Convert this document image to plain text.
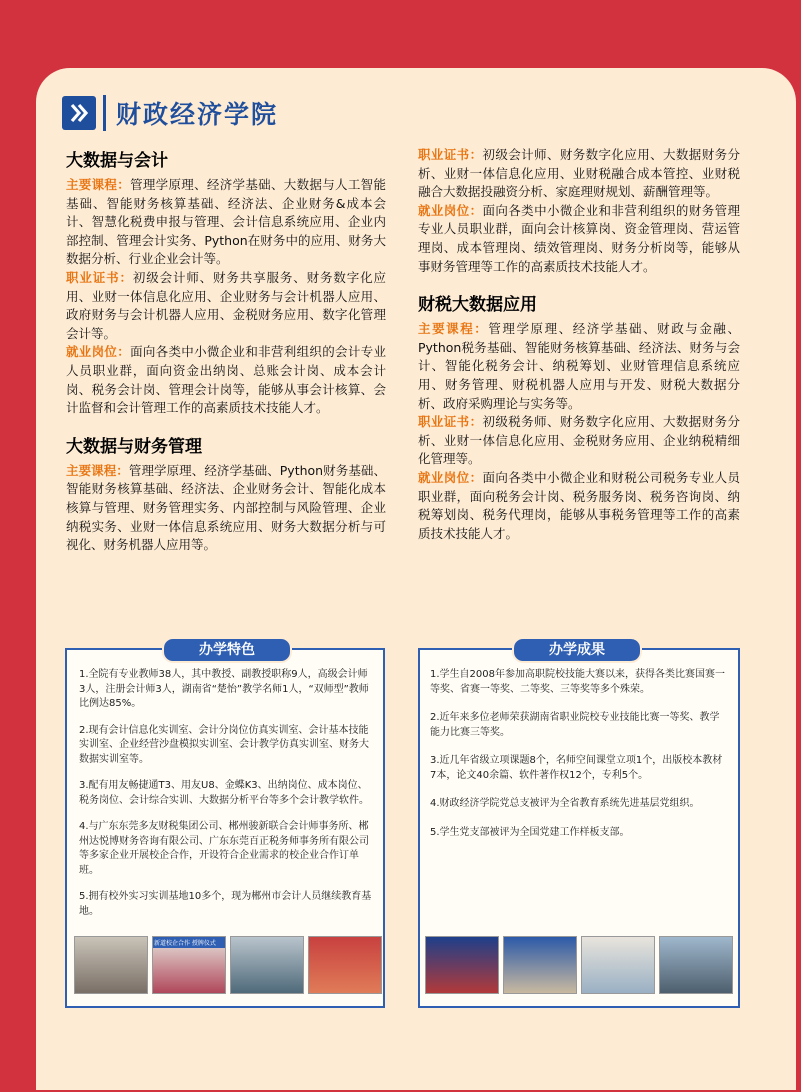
财政经济学院
大数据与会计

主要课程：管理学原理、经济学基础、大数据与人工智能基础、智能财务核算基础、经济法、企业财务&成本会计、智慧化税费申报与管理、会计信息系统应用、企业内部控制、管理会计实务、Python在财务中的应用、财务大数据分析、行业企业会计等。

职业证书：初级会计师、财务共享服务、财务数字化应用、业财一体信息化应用、企业财务与会计机器人应用、政府财务与会计机器人应用、金税财务应用、数字化管理会计等。

就业岗位：面向各类中小微企业和非营利组织的会计专业人员职业群，面向资金出纳岗、总账会计岗、成本会计岗、税务会计岗、管理会计岗等，能够从事会计核算、会计监督和会计管理工作的高素质技术技能人才。

大数据与财务管理

主要课程：管理学原理、经济学基础、Python财务基础、智能财务核算基础、经济法、企业财务会计、智能化成本核算与管理、财务管理实务、内部控制与风险管理、企业纳税实务、业财一体信息系统应用、财务大数据分析与可视化、财务机器人应用等。

职业证书：初级会计师、财务数字化应用、大数据财务分析、业财一体信息化应用、业财税融合成本管控、业财税融合大数据投融资分析、家庭理财规划、薪酬管理等。

就业岗位：面向各类中小微企业和非营利组织的财务管理专业人员职业群，面向会计核算岗、资金管理岗、营运管理岗、成本管理岗、绩效管理岗、财务分析岗等，能够从事财务管理等工作的高素质技术技能人才。

财税大数据应用

主要课程：管理学原理、经济学基础、财政与金融、Python税务基础、智能财务核算基础、经济法、财务与会计、智能化税务会计、纳税筹划、业财管理信息系统应用、财务管理、财税机器人应用与开发、财税大数据分析、政府采购理论与实务等。

职业证书：初级税务师、财务数字化应用、大数据财务分析、业财一体信息化应用、金税财务应用、企业纳税精细化管理等。

就业岗位：面向各类中小微企业和财税公司税务专业人员职业群，面向税务会计岗、税务服务岗、税务咨询岗、纳税筹划岗、税务代理岗，能够从事税务管理等工作的高素质技术技能人才。

1.全院有专业教师38人，其中教授、副教授职称9人，高级会计师3人，注册会计师3人，湖南省“楚怡”教学名师1人，“双师型”教师比例达85%。

2.现有会计信息化实训室、会计分岗位仿真实训室、会计基本技能实训室、企业经营沙盘模拟实训室、会计教学仿真实训室、财务大数据实训室等。

3.配有用友畅捷通T3、用友U8、金蝶K3、出纳岗位、成本岗位、税务岗位、会计综合实训、大数据分析平台等多个会计教学软件。

4.与广东东莞多友财税集团公司、郴州骏新联合会计师事务所、郴州达悦博财务咨询有限公司、广东东莞百正税务师事务所有限公司等多家企业开展校企合作，开设符合企业需求的校企业合作订单班。

5.拥有校外实习实训基地10多个，现为郴州市会计人员继续教育基地。

办学特色
新道校企合作 授牌仪式

1.学生自2008年参加高职院校技能大赛以来，获得各类比赛国赛一等奖、省赛一等奖、二等奖、三等奖等多个殊荣。

2.近年来多位老师荣获湖南省职业院校专业技能比赛一等奖、教学能力比赛三等奖。

3.近几年省级立项课题8个，名师空间课堂立项1个，出版校本教材7本，论文40余篇、软件著作权12个，专利5个。

4.财政经济学院党总支被评为全省教育系统先进基层党组织。

5.学生党支部被评为全国党建工作样板支部。

办学成果
